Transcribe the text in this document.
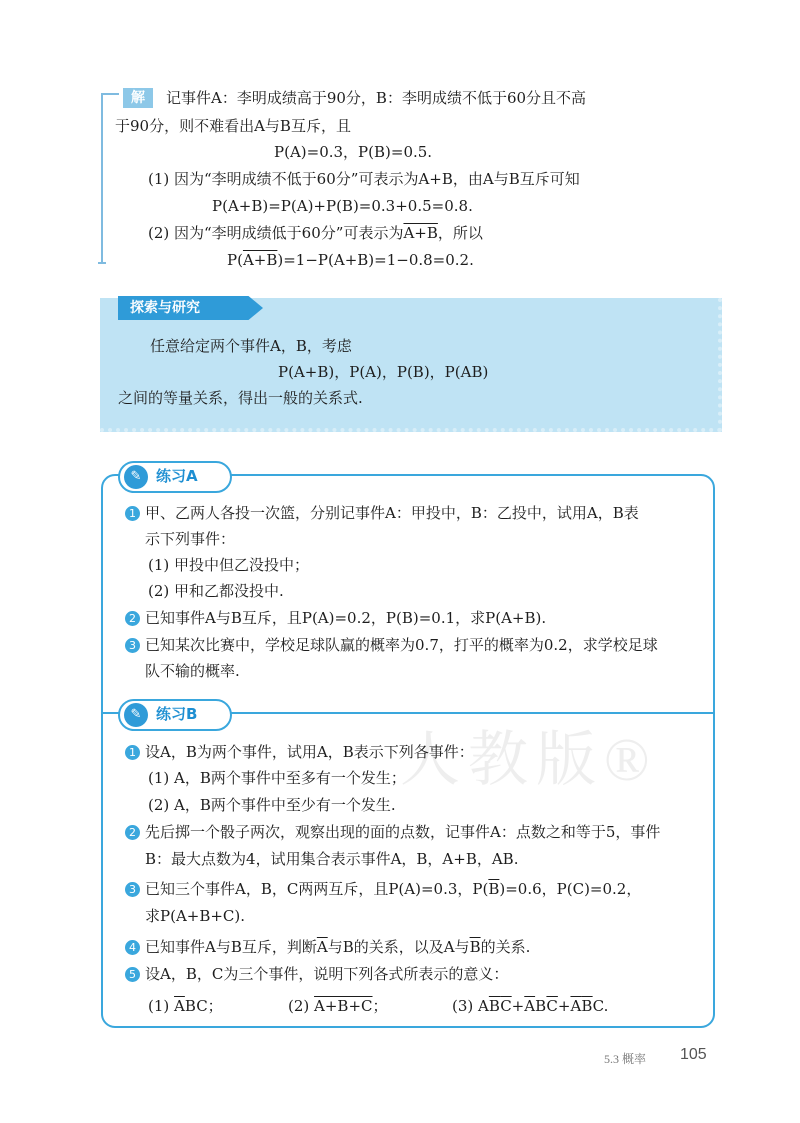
解	记事件A：李明成绩高于90分，B：李明成绩不低于60分且不高
于90分，则不难看出A与B互斥，且
P(A)=0.3，P(B)=0.5.
(1) 因为“李明成绩不低于60分”可表示为A+B，由A与B互斥可知
P(A+B)=P(A)+P(B)=0.3+0.5=0.8.
(2) 因为“李明成绩低于60分”可表示为A+B，所以
P(A+B)=1−P(A+B)=1−0.8=0.2.
探索与研究
任意给定两个事件A，B，考虑
P(A+B)，P(A)，P(B)，P(AB)
之间的等量关系，得出一般的关系式.
人教版®
✎ 练习A
1 甲、乙两人各投一次篮，分别记事件A：甲投中，B：乙投中，试用A，B表
示下列事件：
(1) 甲投中但乙没投中；
(2) 甲和乙都没投中.
2 已知事件A与B互斥，且P(A)=0.2，P(B)=0.1，求P(A+B).
3 已知某次比赛中，学校足球队赢的概率为0.7，打平的概率为0.2，求学校足球
队不输的概率.
✎ 练习B
1 设A，B为两个事件，试用A，B表示下列各事件：
(1) A，B两个事件中至多有一个发生；
(2) A，B两个事件中至少有一个发生.
2 先后掷一个骰子两次，观察出现的面的点数，记事件A：点数之和等于5，事件
B：最大点数为4，试用集合表示事件A，B，A+B，AB.
3 已知三个事件A，B，C两两互斥，且P(A)=0.3，$P(\overline{B})=0.6$，P(C)=0.2，
求P(A+B+C).
4 已知事件A与B互斥，判断$\overline{A}$与B的关系，以及A与$\overline{B}$的关系.
5 设A，B，C为三个事件，说明下列各式所表示的意义：
(1) $\overline{A}BC$；	(2) A+B+C；	(3) $A\overline{B}\overline{C}+\overline{A}B\overline{C}+\overline{A}\overline{B}C$.
5.3 概率 105
